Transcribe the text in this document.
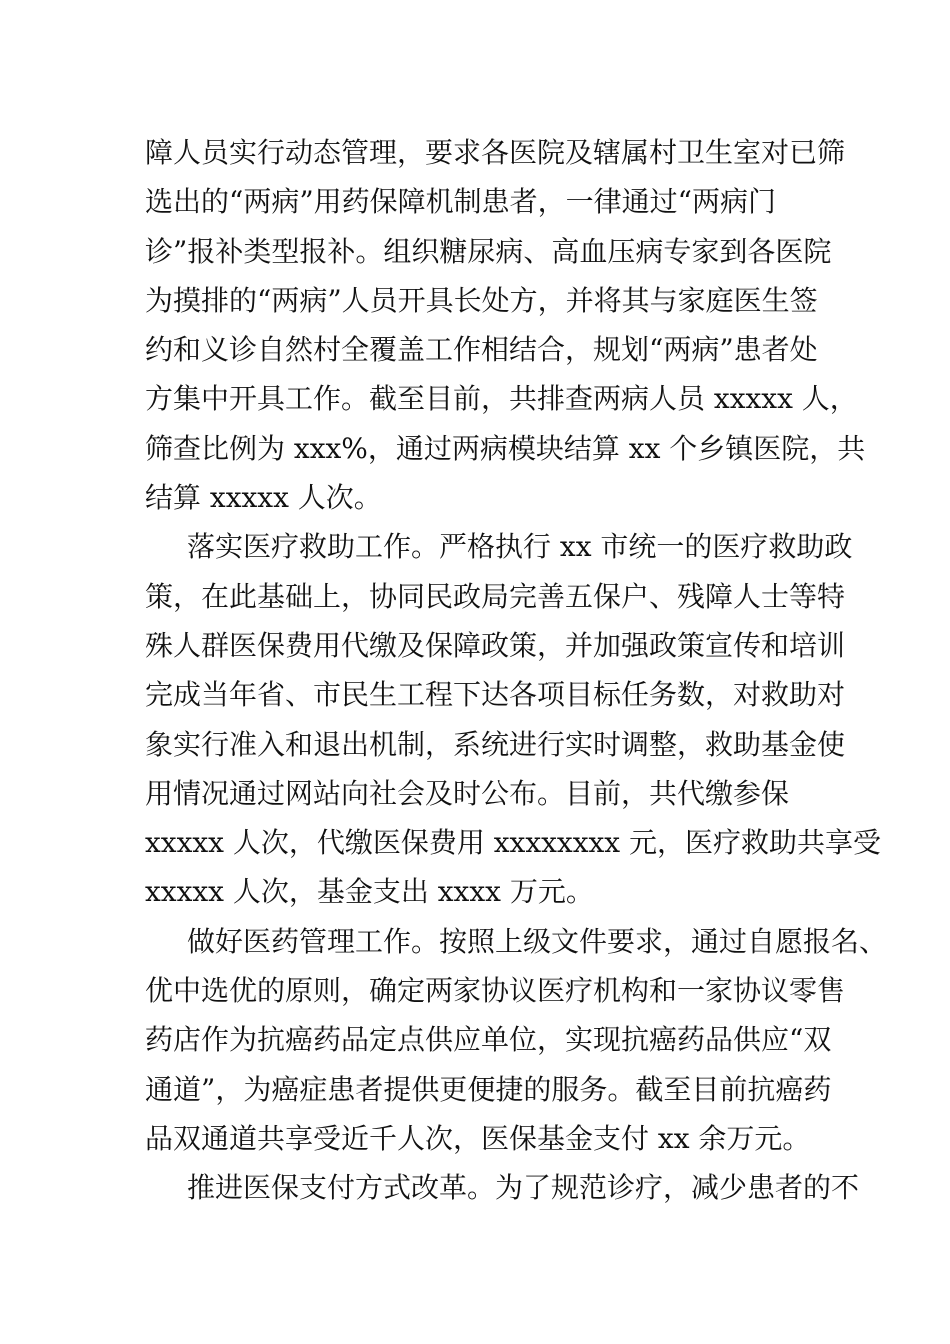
障人员实行动态管理，要求各医院及辖属村卫生室对已筛
选出的“两病”用药保障机制患者，一律通过“两病门
诊”报补类型报补。组织糖尿病、高血压病专家到各医院
为摸排的“两病”人员开具长处方，并将其与家庭医生签
约和义诊自然村全覆盖工作相结合，规划“两病”患者处
方集中开具工作。截至目前，共排查两病人员 xxxxx 人，
筛查比例为 xxx%，通过两病模块结算 xx 个乡镇医院，共
结算 xxxxx 人次。
落实医疗救助工作。严格执行 xx 市统一的医疗救助政
策，在此基础上，协同民政局完善五保户、残障人士等特
殊人群医保费用代缴及保障政策，并加强政策宣传和培训
完成当年省、市民生工程下达各项目标任务数，对救助对
象实行准入和退出机制，系统进行实时调整，救助基金使
用情况通过网站向社会及时公布。目前，共代缴参保
xxxxx 人次，代缴医保费用 xxxxxxxx 元，医疗救助共享受
xxxxx 人次，基金支出 xxxx 万元。
做好医药管理工作。按照上级文件要求，通过自愿报名、
优中选优的原则，确定两家协议医疗机构和一家协议零售
药店作为抗癌药品定点供应单位，实现抗癌药品供应“双
通道”，为癌症患者提供更便捷的服务。截至目前抗癌药
品双通道共享受近千人次，医保基金支付 xx 余万元。
推进医保支付方式改革。为了规范诊疗，减少患者的不
